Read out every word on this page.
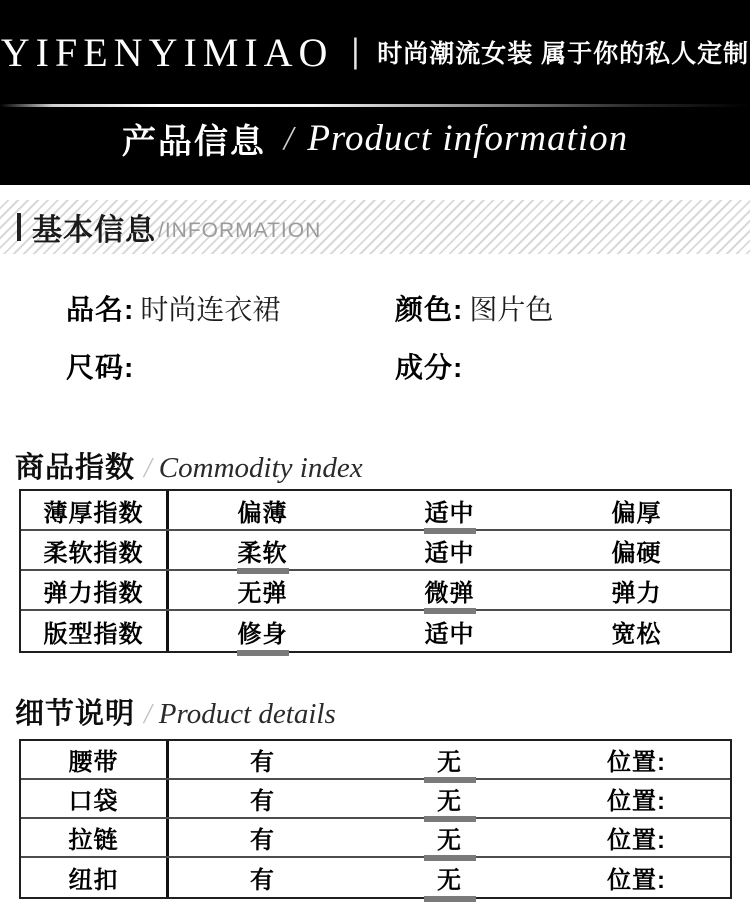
YIFENYIMIAO | 时尚潮流女装 属于你的私人定制
产品信息 / Product information
基本信息 /INFORMATION
品名: 时尚连衣裙	颜色: 图片色
尺码:	成分:
商品指数 / Commodity index
薄厚指数	偏薄	适中	偏厚
柔软指数	柔软	适中	偏硬
弹力指数	无弹	微弹	弹力
版型指数	修身	适中	宽松
细节说明 / Product details
腰带	有	无	位置:
口袋	有	无	位置:
拉链	有	无	位置:
纽扣	有	无	位置:
